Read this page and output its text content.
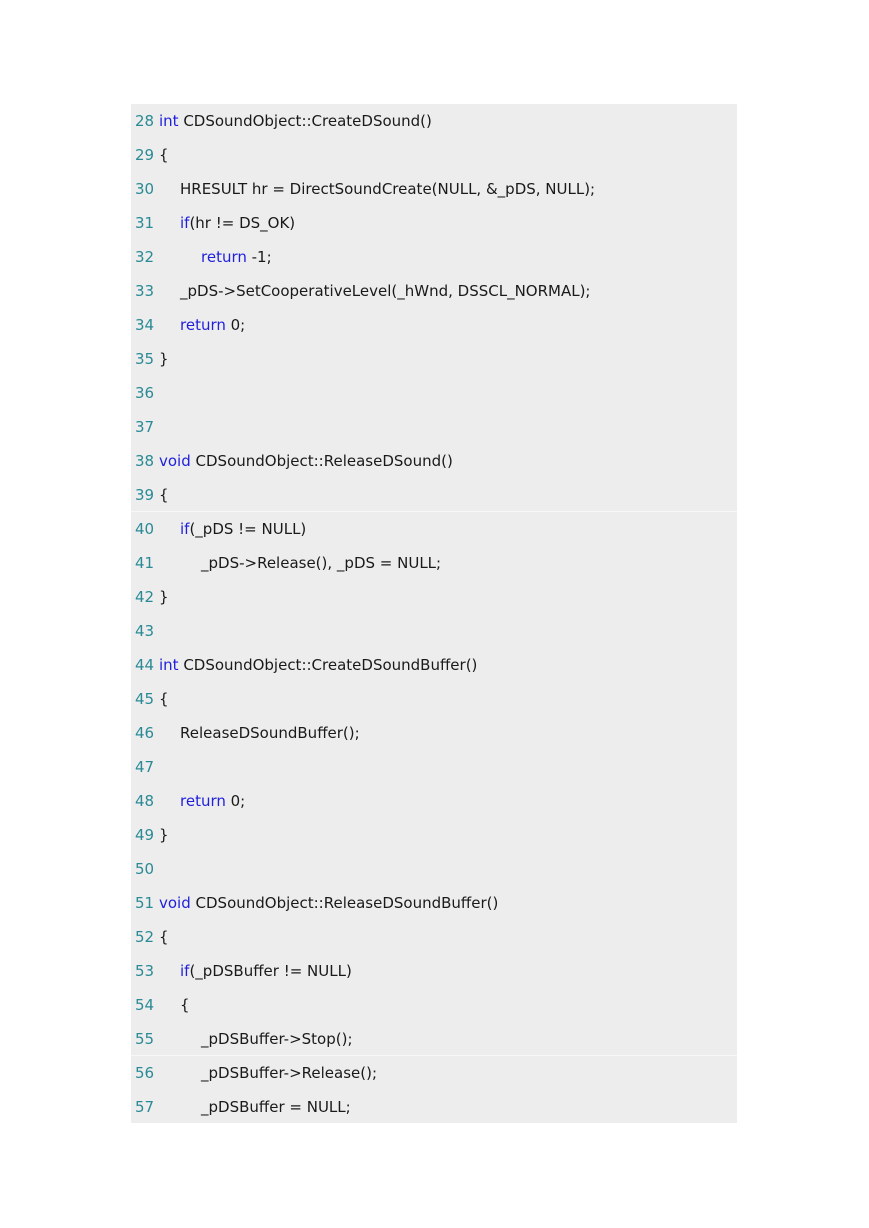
28 int CDSoundObject::CreateDSound()
29 {
30	HRESULT hr = DirectSoundCreate(NULL, &_pDS, NULL);
31	if(hr != DS_OK)
32	return -1;
33	_pDS->SetCooperativeLevel(_hWnd, DSSCL_NORMAL);
34	return 0;
35 }
36
37
38 void CDSoundObject::ReleaseDSound()
39 {
40	if(_pDS != NULL)
41	_pDS->Release(), _pDS = NULL;
42 }
43
44 int CDSoundObject::CreateDSoundBuffer()
45 {
46	ReleaseDSoundBuffer();
47
48	return 0;
49 }
50
51 void CDSoundObject::ReleaseDSoundBuffer()
52 {
53	if(_pDSBuffer != NULL)
54	{
55	_pDSBuffer->Stop();
56	_pDSBuffer->Release();
57	_pDSBuffer = NULL;
